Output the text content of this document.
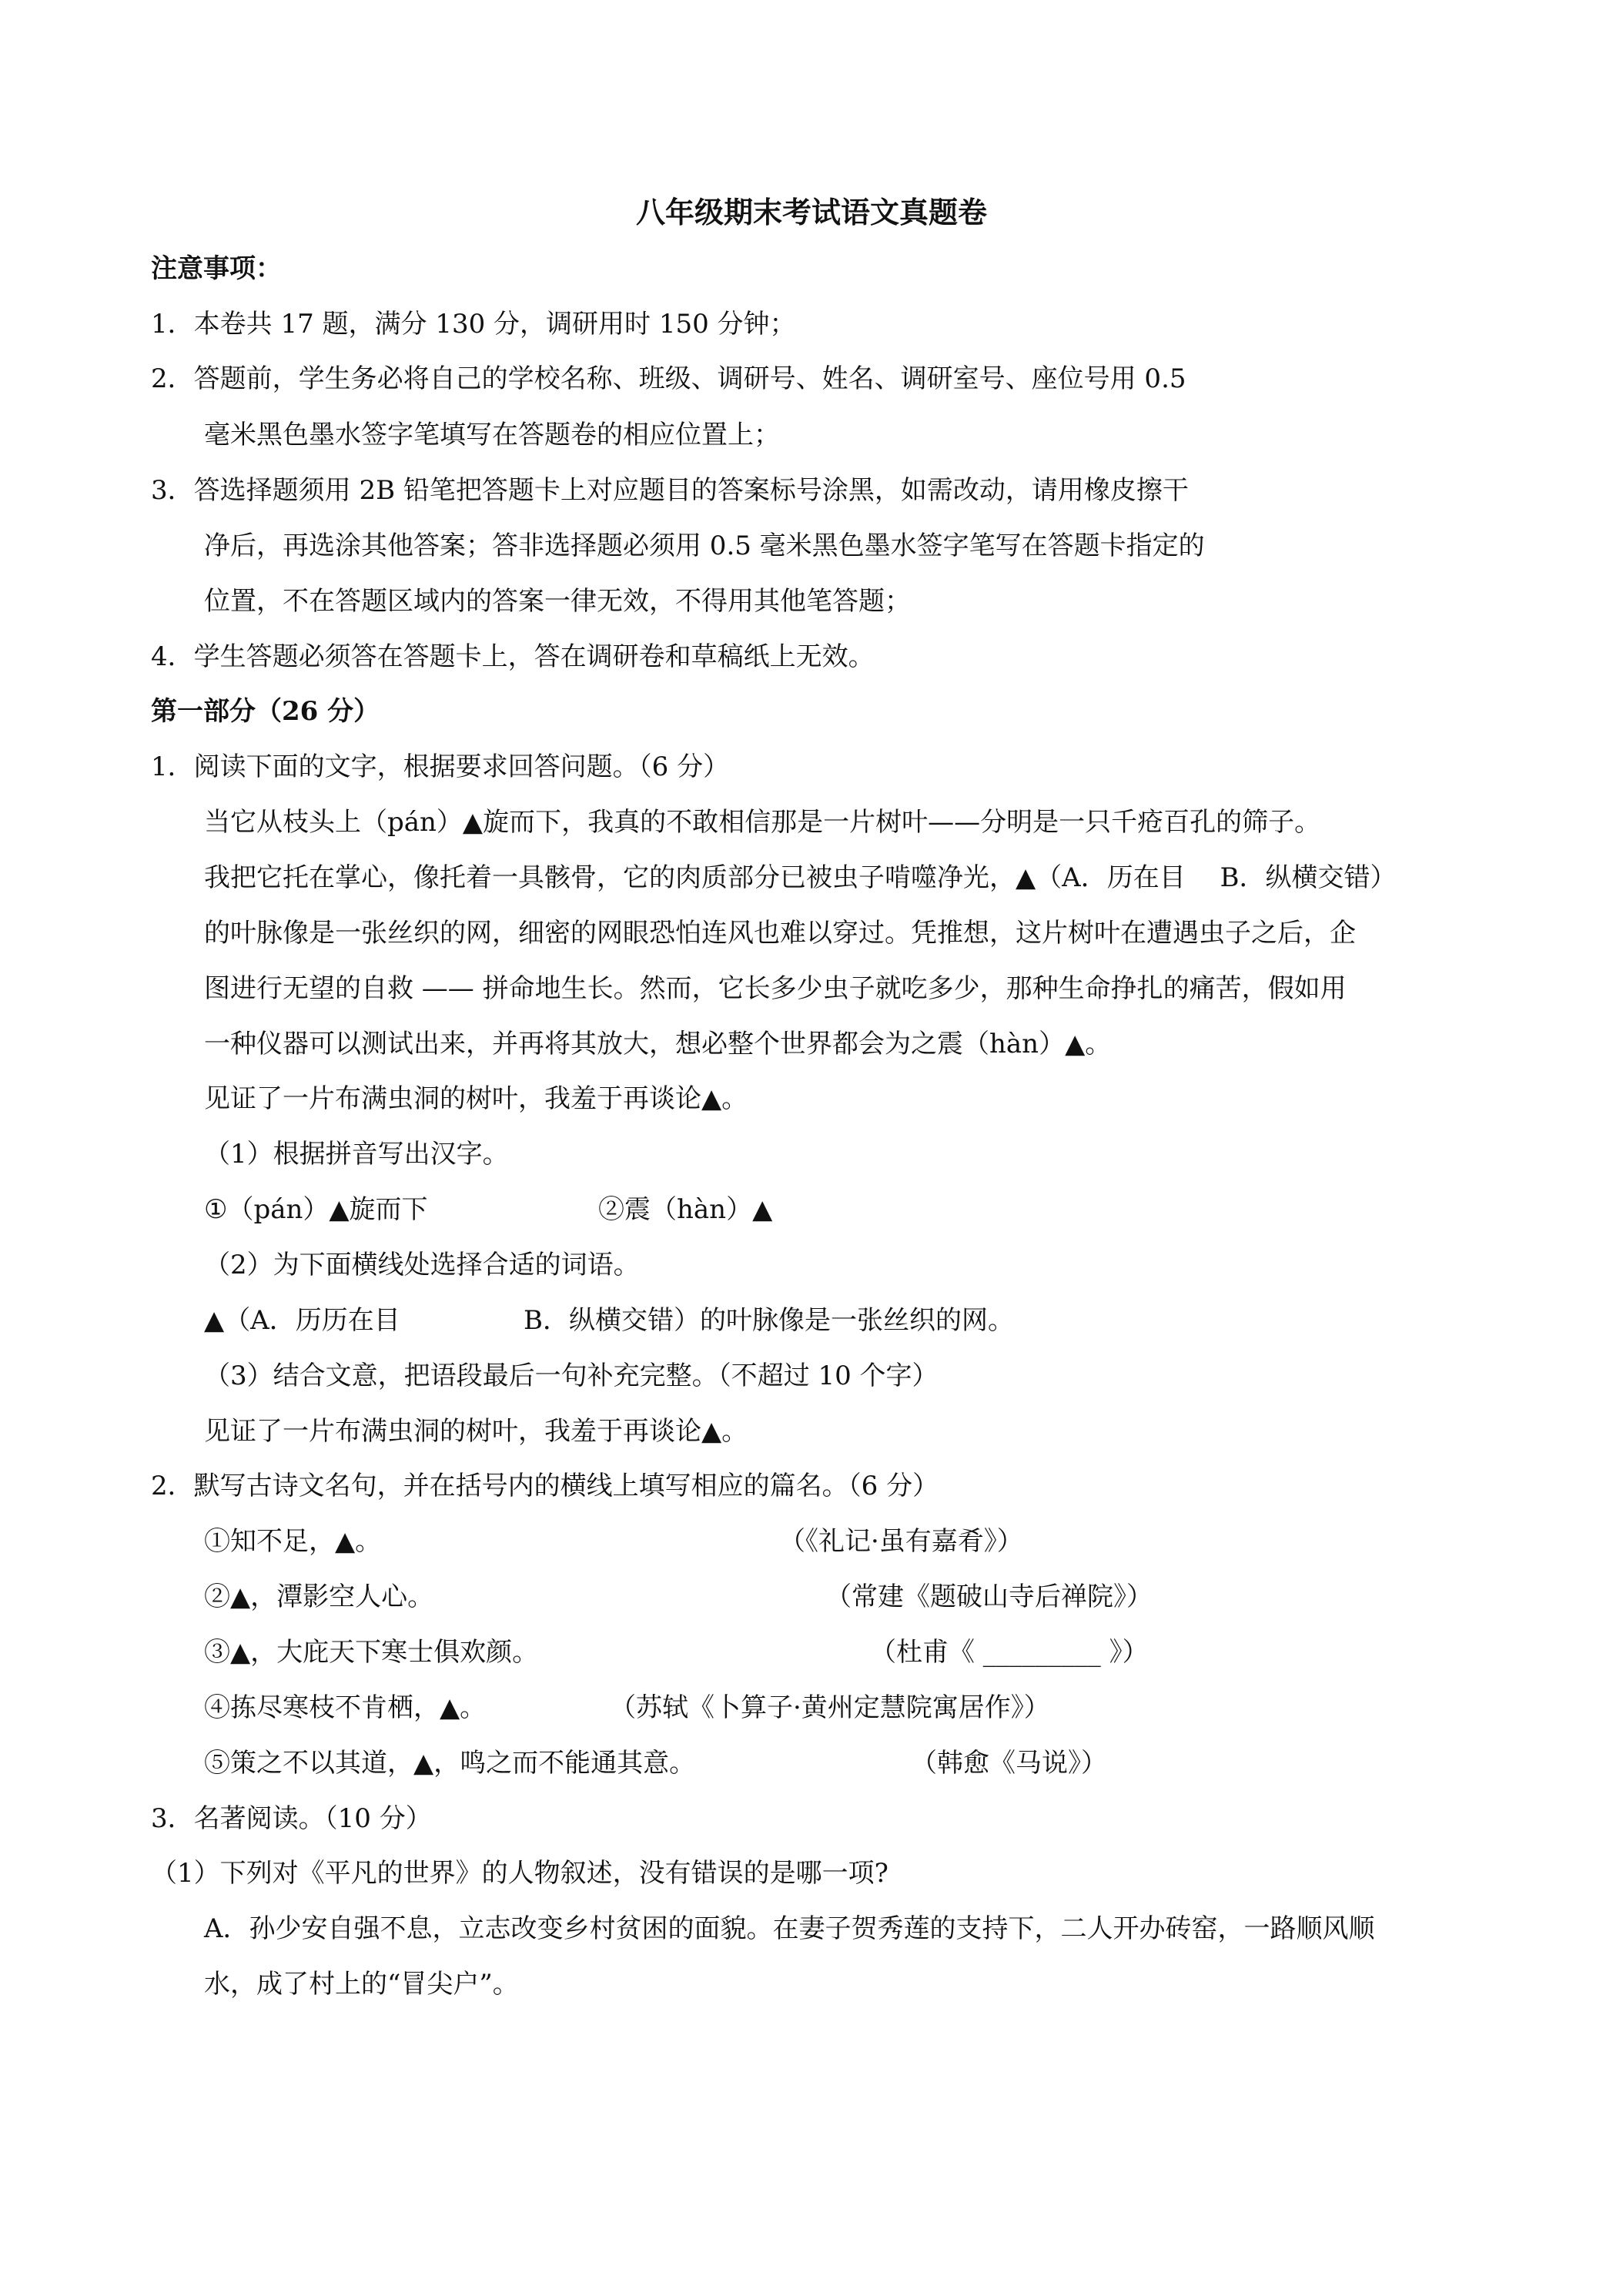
八年级期末考试语文真题卷
注意事项：
1．本卷共 17 题，满分 130 分，调研用时 150 分钟；
2．答题前，学生务必将自己的学校名称、班级、调研号、姓名、调研室号、座位号用 0.5
毫米黑色墨水签字笔填写在答题卷的相应位置上；
3．答选择题须用 2B 铅笔把答题卡上对应题目的答案标号涂黑，如需改动，请用橡皮擦干
净后，再选涂其他答案；答非选择题必须用 0.5 毫米黑色墨水签字笔写在答题卡指定的
位置，不在答题区域内的答案一律无效，不得用其他笔答题；
4．学生答题必须答在答题卡上，答在调研卷和草稿纸上无效。
第一部分（26 分）
1．阅读下面的文字，根据要求回答问题。（6 分）
当它从枝头上（pán）▲旋而下，我真的不敢相信那是一片树叶——分明是一只千疮百孔的筛子。
我把它托在掌心，像托着一具骸骨，它的肉质部分已被虫子啃噬净光，▲（A．历在目　 B．纵横交错）
的叶脉像是一张丝织的网，细密的网眼恐怕连风也难以穿过。凭推想，这片树叶在遭遇虫子之后，企
图进行无望的自救 —— 拼命地生长。然而，它长多少虫子就吃多少，那种生命挣扎的痛苦，假如用
一种仪器可以测试出来，并再将其放大，想必整个世界都会为之震（hàn）▲。
见证了一片布满虫洞的树叶，我羞于再谈论▲。
（1）根据拼音写出汉字。
①（pán）▲旋而下	②震（hàn）▲
（2）为下面横线处选择合适的词语。
▲（A．历历在目	B．纵横交错）的叶脉像是一张丝织的网。
（3）结合文意，把语段最后一句补充完整。（不超过 10 个字）
见证了一片布满虫洞的树叶，我羞于再谈论▲。
2．默写古诗文名句，并在括号内的横线上填写相应的篇名。（6 分）
①知不足，▲。	（《礼记·虽有嘉肴》）
②▲，潭影空人心。	（常建《题破山寺后禅院》）
③▲，大庇天下寒士俱欢颜。	（杜甫《 _________ 》）
④拣尽寒枝不肯栖，▲。	（苏轼《卜算子·黄州定慧院寓居作》）
⑤策之不以其道，▲，鸣之而不能通其意。	（韩愈《马说》）
3．名著阅读。（10 分）
（1）下列对《平凡的世界》的人物叙述，没有错误的是哪一项?
A．孙少安自强不息，立志改变乡村贫困的面貌。在妻子贺秀莲的支持下，二人开办砖窑，一路顺风顺
水，成了村上的“冒尖户”。
